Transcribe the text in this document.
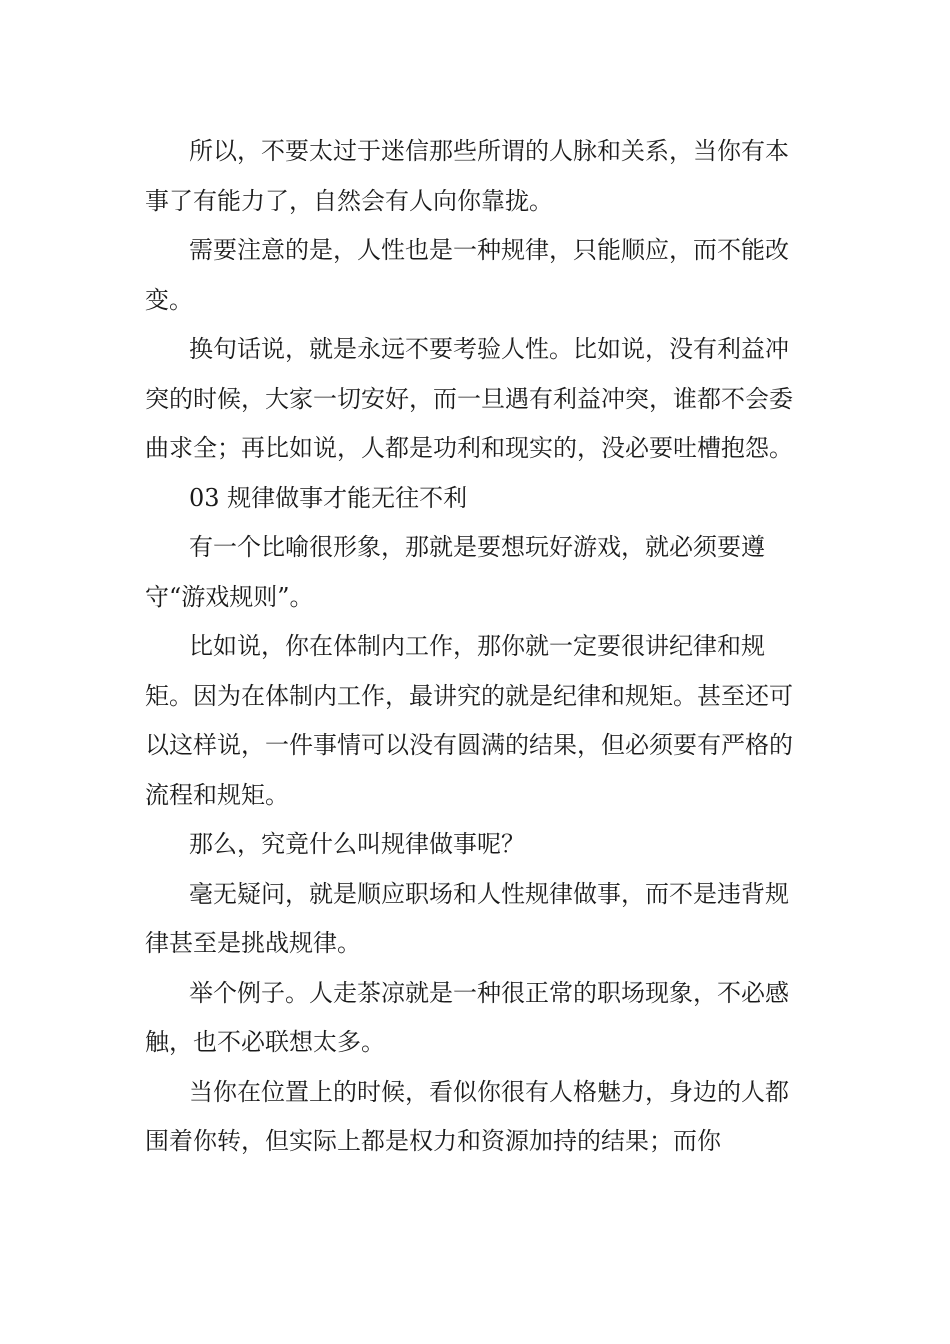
所以，不要太过于迷信那些所谓的人脉和关系，当你有本事了有能力了，自然会有人向你靠拢。

需要注意的是，人性也是一种规律，只能顺应，而不能改变。

换句话说，就是永远不要考验人性。比如说，没有利益冲突的时候，大家一切安好，而一旦遇有利益冲突，谁都不会委曲求全；再比如说，人都是功利和现实的，没必要吐槽抱怨。

03 规律做事才能无往不利

有一个比喻很形象，那就是要想玩好游戏，就必须要遵守“游戏规则”。

比如说，你在体制内工作，那你就一定要很讲纪律和规矩。因为在体制内工作，最讲究的就是纪律和规矩。甚至还可以这样说，一件事情可以没有圆满的结果，但必须要有严格的流程和规矩。

那么，究竟什么叫规律做事呢？

毫无疑问，就是顺应职场和人性规律做事，而不是违背规律甚至是挑战规律。

举个例子。人走茶凉就是一种很正常的职场现象，不必感触，也不必联想太多。

当你在位置上的时候，看似你很有人格魅力，身边的人都围着你转，但实际上都是权力和资源加持的结果；而你
